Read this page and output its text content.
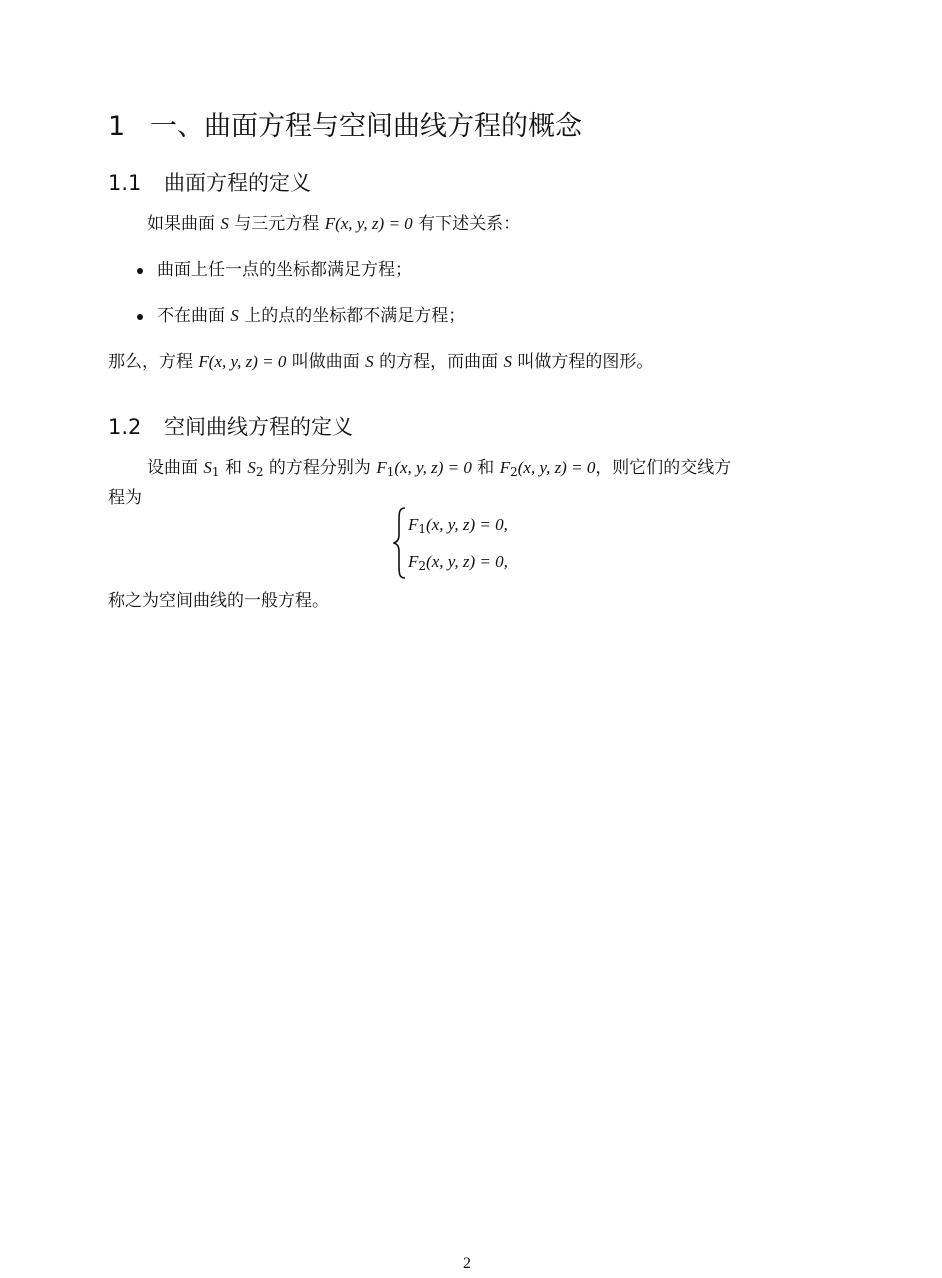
1 一、曲面方程与空间曲线方程的概念
1.1 曲面方程的定义
如果曲面 S 与三元方程 F(x, y, z) = 0 有下述关系：
曲面上任一点的坐标都满足方程；
不在曲面 S 上的点的坐标都不满足方程；
那么，方程 F(x, y, z) = 0 叫做曲面 S 的方程，而曲面 S 叫做方程的图形。
1.2 空间曲线方程的定义
设曲面 $S_1$ 和 $S_2$ 的方程分别为 $F_1(x$, y, z) = 0 和 $F_2(x$, y, z) = 0，则它们的交线方
程为
$F_1(x$, y, z) = 0,
$F_2(x$, y, z) = 0,
称之为空间曲线的一般方程。
2
